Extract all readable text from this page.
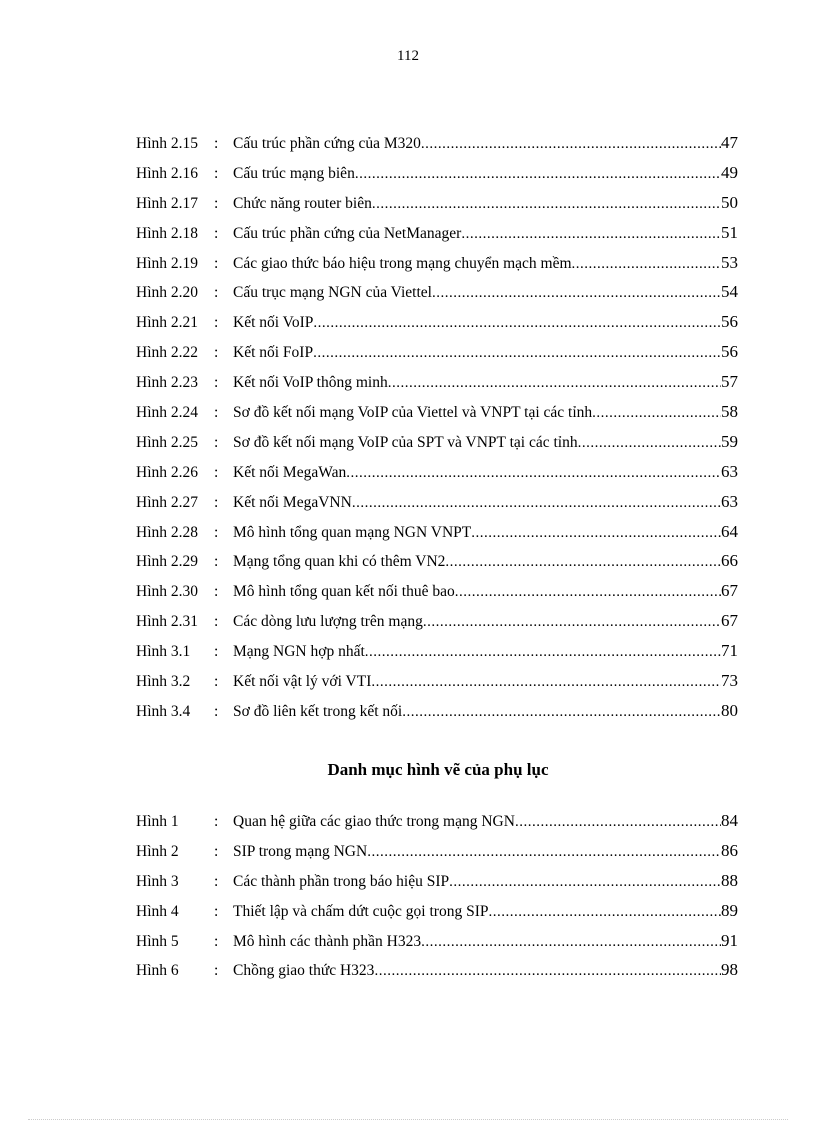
112
Hình 2.15	: Cấu trúc phần cứng của M320 .....	47
Hình 2.16	: Cấu trúc mạng biên .....	49
Hình 2.17	: Chức năng router biên .....	50
Hình 2.18	: Cấu trúc phần cứng của NetManager .....	51
Hình 2.19	: Các giao thức báo hiệu trong mạng chuyển mạch mềm .....	53
Hình 2.20	: Cấu trục mạng NGN của Viettel .....	54
Hình 2.21	: Kết nối VoIP .....	56
Hình 2.22	: Kết nối FoIP .....	56
Hình 2.23	: Kết nối VoIP thông minh .....	57
Hình 2.24	: Sơ đồ kết nối mạng VoIP của Viettel và VNPT tại các tỉnh .....	58
Hình 2.25	: Sơ đồ kết nối mạng VoIP của SPT và VNPT tại các tỉnh .....	59
Hình 2.26	: Kết nối MegaWan .....	63
Hình 2.27	: Kết nối MegaVNN .....	63
Hình 2.28	: Mô hình tổng quan mạng NGN VNPT .....	64
Hình 2.29	: Mạng tổng quan khi có thêm VN2 .....	66
Hình 2.30	: Mô hình tổng quan kết nối thuê bao .....	67
Hình 2.31	: Các dòng lưu lượng trên mạng .....	67
Hình 3.1	: Mạng NGN hợp nhất .....	71
Hình 3.2	: Kết nối vật lý với VTI .....	73
Hình 3.4	: Sơ đồ liên kết trong kết nối .....	80
Danh mục hình vẽ của phụ lục
Hình 1	: Quan hệ giữa các giao thức trong mạng NGN .....	84
Hình 2	: SIP trong mạng NGN .....	86
Hình 3	: Các thành phần trong báo hiệu SIP .....	88
Hình 4	: Thiết lập và chấm dứt cuộc gọi trong SIP .....	89
Hình 5	: Mô hình các thành phần H323 .....	91
Hình 6	: Chồng giao thức H323 .....	98
